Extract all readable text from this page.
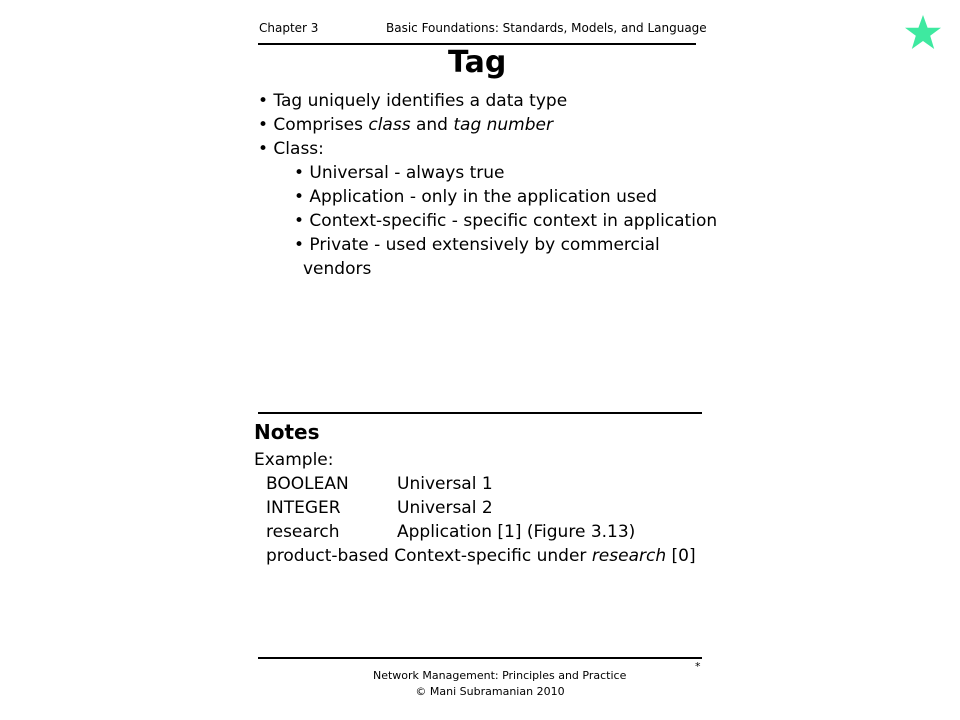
Chapter 3	Basic Foundations: Standards, Models, and Language
Tag
• Tag uniquely identifies a data type
• Comprises class and tag number
• Class:
• Universal - always true
• Application - only in the application used
• Context-specific - specific context in application
• Private - used extensively by commercial
vendors
Notes
Example:
BOOLEAN	Universal 1
INTEGER	Universal 2
research	Application [1] (Figure 3.13)
product-based Context-specific under research [0]
*
Network Management: Principles and Practice
© Mani Subramanian 2010
